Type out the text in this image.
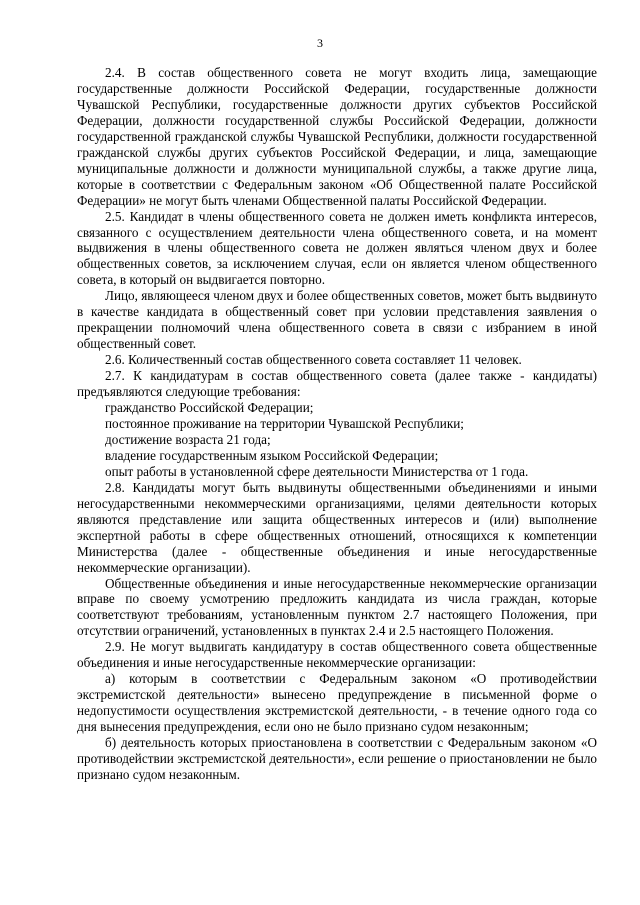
3

2.4. В состав общественного совета не могут входить лица, замещающие государственные должности Российской Федерации, государственные должности Чувашской Республики, государственные должности других субъектов Российской Федерации, должности государственной службы Российской Федерации, должности государственной гражданской службы Чувашской Республики, должности государственной гражданской службы других субъектов Российской Федерации, и лица, замещающие муниципальные должности и должности муниципальной службы, а также другие лица, которые в соответствии с Федеральным законом «Об Общественной палате Российской Федерации» не могут быть членами Общественной палаты Российской Федерации.

2.5. Кандидат в члены общественного совета не должен иметь конфликта интересов, связанного с осуществлением деятельности члена общественного совета, и на момент выдвижения в члены общественного совета не должен являться членом двух и более общественных советов, за исключением случая, если он является членом общественного совета, в который он выдвигается повторно.

Лицо, являющееся членом двух и более общественных советов, может быть выдвинуто в качестве кандидата в общественный совет при условии представления заявления о прекращении полномочий члена общественного совета в связи с избранием в иной общественный совет.

2.6. Количественный состав общественного совета составляет 11 человек.

2.7. К кандидатурам в состав общественного совета (далее также - кандидаты) предъявляются следующие требования:

гражданство Российской Федерации;

постоянное проживание на территории Чувашской Республики;

достижение возраста 21 года;

владение государственным языком Российской Федерации;

опыт работы в установленной сфере деятельности Министерства от 1 года.

2.8. Кандидаты могут быть выдвинуты общественными объединениями и иными негосударственными некоммерческими организациями, целями деятельности которых являются представление или защита общественных интересов и (или) выполнение экспертной работы в сфере общественных отношений, относящихся к компетенции Министерства (далее - общественные объединения и иные негосударственные некоммерческие организации).

Общественные объединения и иные негосударственные некоммерческие организации вправе по своему усмотрению предложить кандидата из числа граждан, которые соответствуют требованиям, установленным пунктом 2.7 настоящего Положения, при отсутствии ограничений, установленных в пунктах 2.4 и 2.5 настоящего Положения.

2.9. Не могут выдвигать кандидатуру в состав общественного совета общественные объединения и иные негосударственные некоммерческие организации:

а) которым в соответствии с Федеральным законом «О противодействии экстремистской деятельности» вынесено предупреждение в письменной форме о недопустимости осуществления экстремистской деятельности, - в течение одного года со дня вынесения предупреждения, если оно не было признано судом незаконным;

б) деятельность которых приостановлена в соответствии с Федеральным законом «О противодействии экстремистской деятельности», если решение о приостановлении не было признано судом незаконным.
